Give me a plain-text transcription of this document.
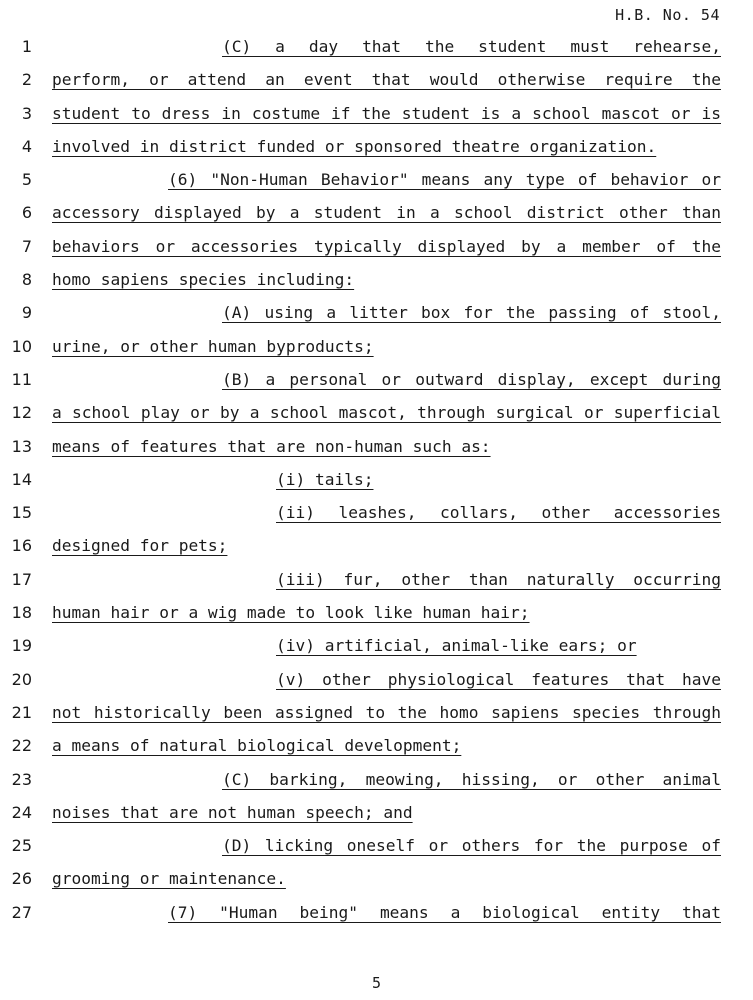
H.B. No. 54
1	(C) a day that the student must rehearse,
2 perform, or attend an event that would otherwise require the
3 student to dress in costume if the student is a school mascot or is
4 involved in district funded or sponsored theatre organization.
5	(6) "Non-Human Behavior" means any type of behavior or
6 accessory displayed by a student in a school district other than
7 behaviors or accessories typically displayed by a member of the
8 homo sapiens species including:
9	(A) using a litter box for the passing of stool,
10 urine, or other human byproducts;
11	(B) a personal or outward display, except during
12 a school play or by a school mascot, through surgical or superficial
13 means of features that are non-human such as:
14	(i) tails;
15	(ii) leashes, collars, other accessories
16 designed for pets;
17	(iii) fur, other than naturally occurring
18 human hair or a wig made to look like human hair;
19	(iv) artificial, animal-like ears; or
20	(v) other physiological features that have
21 not historically been assigned to the homo sapiens species through
22 a means of natural biological development;
23	(C) barking, meowing, hissing, or other animal
24 noises that are not human speech; and
25	(D) licking oneself or others for the purpose of
26 grooming or maintenance.
27	(7) "Human being" means a biological entity that
5
